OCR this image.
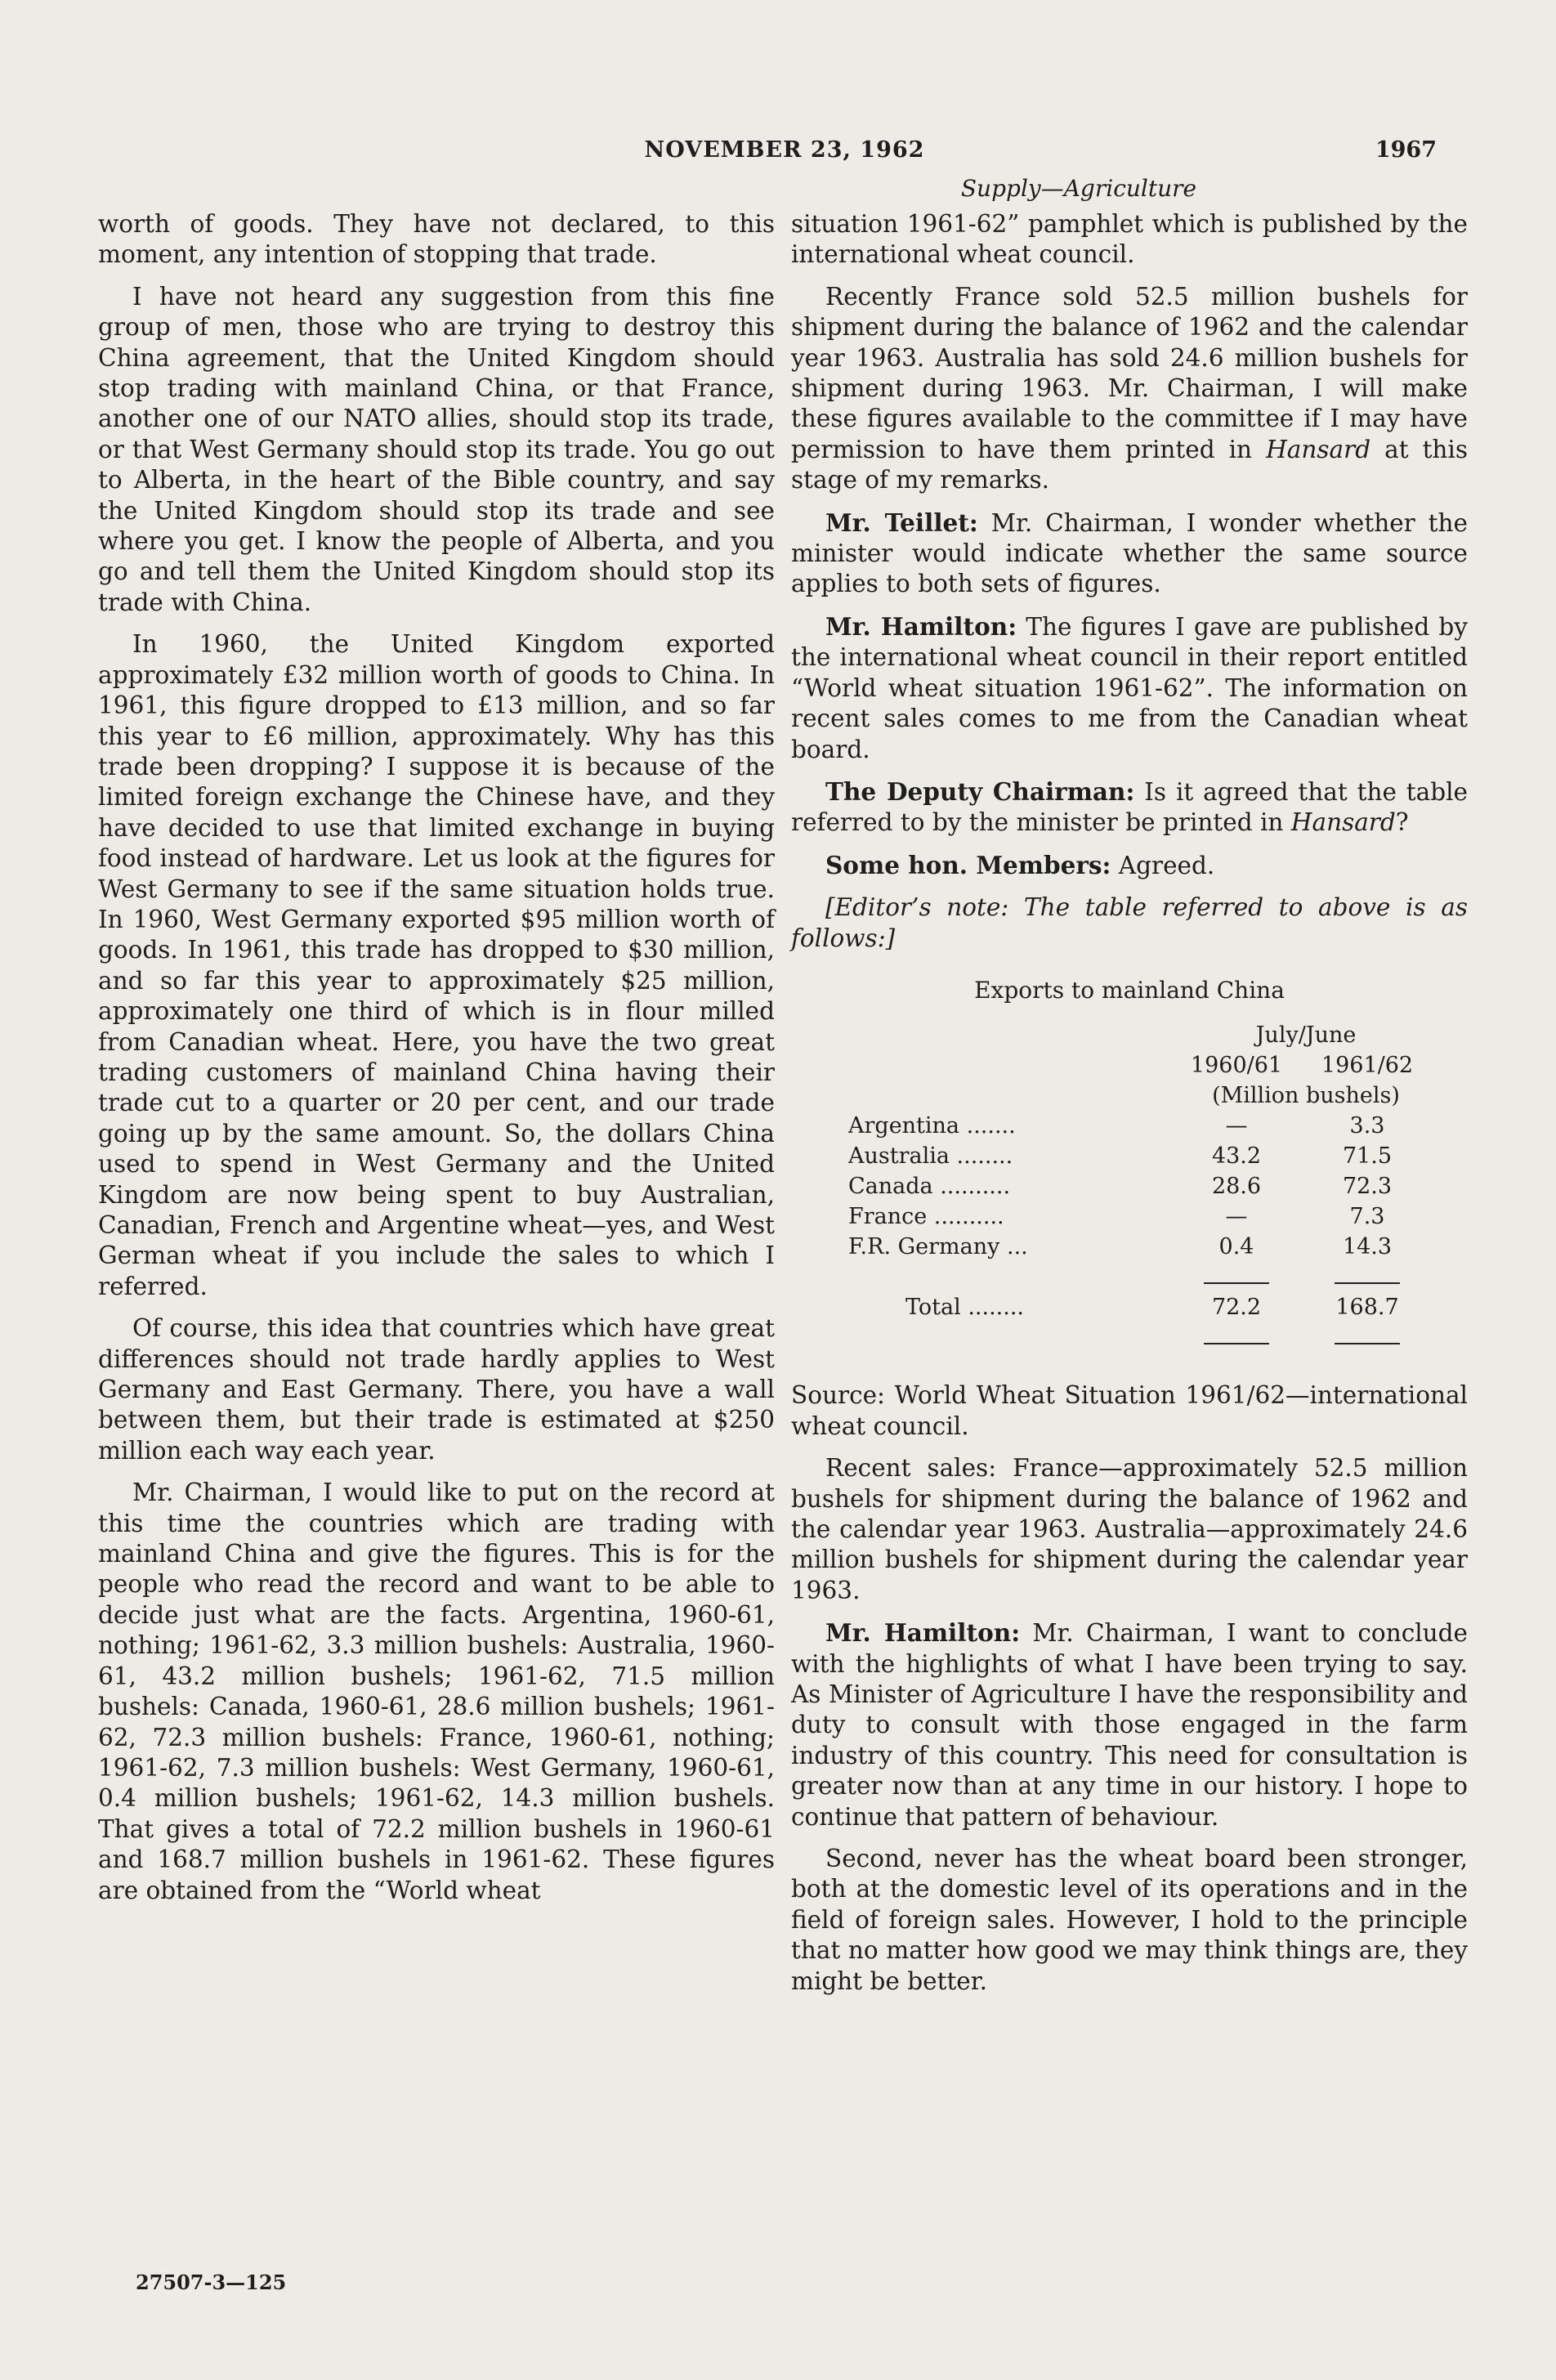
NOVEMBER 23, 1962	1967
Supply—Agriculture

worth of goods. They have not declared, to this moment, any intention of stopping that trade.

I have not heard any suggestion from this fine group of men, those who are trying to destroy this China agreement, that the United Kingdom should stop trading with mainland China, or that France, another one of our NATO allies, should stop its trade, or that West Germany should stop its trade. You go out to Alberta, in the heart of the Bible country, and say the United Kingdom should stop its trade and see where you get. I know the people of Alberta, and you go and tell them the United Kingdom should stop its trade with China.

In 1960, the United Kingdom exported approximately £32 million worth of goods to China. In 1961, this figure dropped to £13 million, and so far this year to £6 million, approximately. Why has this trade been dropping? I suppose it is because of the limited foreign exchange the Chinese have, and they have decided to use that limited exchange in buying food instead of hardware. Let us look at the figures for West Germany to see if the same situation holds true. In 1960, West Germany exported $95 million worth of goods. In 1961, this trade has dropped to $30 million, and so far this year to approximately $25 million, approximately one third of which is in flour milled from Canadian wheat. Here, you have the two great trading customers of mainland China having their trade cut to a quarter or 20 per cent, and our trade going up by the same amount. So, the dollars China used to spend in West Germany and the United Kingdom are now being spent to buy Australian, Canadian, French and Argentine wheat—yes, and West German wheat if you include the sales to which I referred.

Of course, this idea that countries which have great differences should not trade hardly applies to West Germany and East Germany. There, you have a wall between them, but their trade is estimated at $250 million each way each year.

Mr. Chairman, I would like to put on the record at this time the countries which are trading with mainland China and give the figures. This is for the people who read the record and want to be able to decide just what are the facts. Argentina, 1960-61, nothing; 1961-62, 3.3 million bushels: Australia, 1960-61, 43.2 million bushels; 1961-62, 71.5 million bushels: Canada, 1960-61, 28.6 million bushels; 1961-62, 72.3 million bushels: France, 1960-61, nothing; 1961-62, 7.3 million bushels: West Germany, 1960-61, 0.4 million bushels; 1961-62, 14.3 million bushels. That gives a total of 72.2 million bushels in 1960-61 and 168.7 million bushels in 1961-62. These figures are obtained from the “World wheat

situation 1961-62” pamphlet which is published by the international wheat council.

Recently France sold 52.5 million bushels for shipment during the balance of 1962 and the calendar year 1963. Australia has sold 24.6 million bushels for shipment during 1963. Mr. Chairman, I will make these figures available to the committee if I may have permission to have them printed in Hansard at this stage of my remarks.

Mr. Teillet: Mr. Chairman, I wonder whether the minister would indicate whether the same source applies to both sets of figures.

Mr. Hamilton: The figures I gave are published by the international wheat council in their report entitled “World wheat situation 1961-62”. The information on recent sales comes to me from the Canadian wheat board.

The Deputy Chairman: Is it agreed that the table referred to by the minister be printed in Hansard?

Some hon. Members: Agreed.

[Editor’s note: The table referred to above is as follows:]

Exports to mainland China
	July/June	
	1960/61	1961/62
	(Million bushels)	
Argentina .......	—	3.3
Australia ........	43.2	71.5
Canada ..........	28.6	72.3
France ..........	—	7.3
F.R. Germany ...	0.4	14.3

Total ........	72.2	168.7

Source: World Wheat Situation 1961/62—international wheat council.

Recent sales: France—approximately 52.5 million bushels for shipment during the balance of 1962 and the calendar year 1963. Australia—approximately 24.6 million bushels for shipment during the calendar year 1963.

Mr. Hamilton: Mr. Chairman, I want to conclude with the highlights of what I have been trying to say. As Minister of Agriculture I have the responsibility and duty to consult with those engaged in the farm industry of this country. This need for consultation is greater now than at any time in our history. I hope to continue that pattern of behaviour.

Second, never has the wheat board been stronger, both at the domestic level of its operations and in the field of foreign sales. However, I hold to the principle that no matter how good we may think things are, they might be better.

27507-3—125
